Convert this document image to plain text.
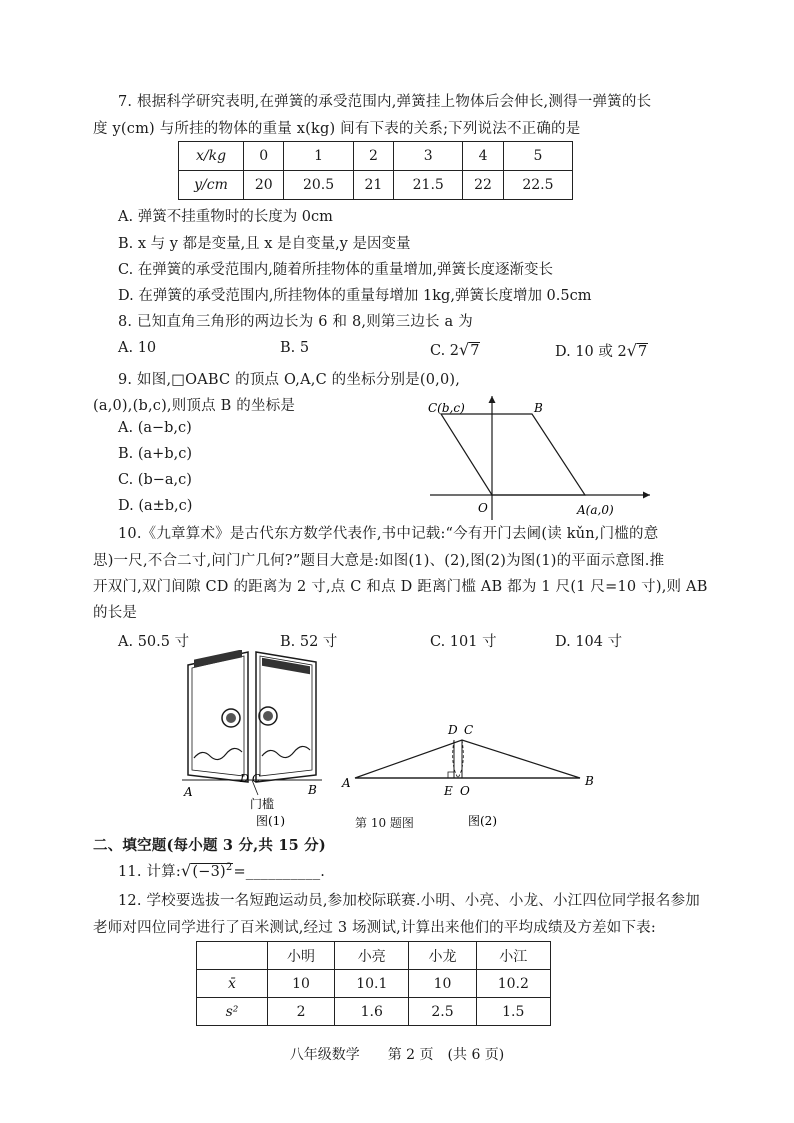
7. 根据科学研究表明,在弹簧的承受范围内,弹簧挂上物体后会伸长,测得一弹簧的长
度 y(cm) 与所挂的物体的重量 x(kg) 间有下表的关系;下列说法不正确的是
x/kg	0	1	2	3	4	5
y/cm	20	20.5	21	21.5	22	22.5
A. 弹簧不挂重物时的长度为 0cm
B. x 与 y 都是变量,且 x 是自变量,y 是因变量
C. 在弹簧的承受范围内,随着所挂物体的重量增加,弹簧长度逐渐变长
D. 在弹簧的承受范围内,所挂物体的重量每增加 1kg,弹簧长度增加 0.5cm
8. 已知直角三角形的两边长为 6 和 8,则第三边长 a 为
A. 10	B. 5	C. 2√7	D. 10 或 2√7
9. 如图,□OABC 的顶点 O,A,C 的坐标分别是(0,0),
(a,0),(b,c),则顶点 B 的坐标是
A. (a−b,c)
B. (a+b,c)
C. (b−a,c)
D. (a±b,c)
C(b,c)	B
O	A(a,0)
10.《九章算术》是古代东方数学代表作,书中记载:“今有开门去阃(读 kǔn,门槛的意
思)一尺,不合二寸,问门广几何?”题目大意是:如图(1)、(2),图(2)为图(1)的平面示意图.推
开双门,双门间隙 CD 的距离为 2 寸,点 C 和点 D 距离门槛 AB 都为 1 尺(1 尺=10 寸),则 AB
的长是
A. 50.5 寸	B. 52 寸	C. 101 寸	D. 104 寸
A	B
D C
门槛
图(1)	第 10 题图
A	B
D C
E O
图(2)
二、填空题(每小题 3 分,共 15 分)
11. 计算$:√(-3)^2=\_\_\_\_\_\_\_\_\_\_$.
12. 学校要选拔一名短跑运动员,参加校际联赛.小明、小亮、小龙、小江四位同学报名参加
老师对四位同学进行了百米测试,经过 3 场测试,计算出来他们的平均成绩及方差如下表:
	小明	小亮	小龙	小江
x̄	10	10.1	10	10.2
s²	2	1.6	2.5	1.5
八年级数学　　第 2 页　(共 6 页)
